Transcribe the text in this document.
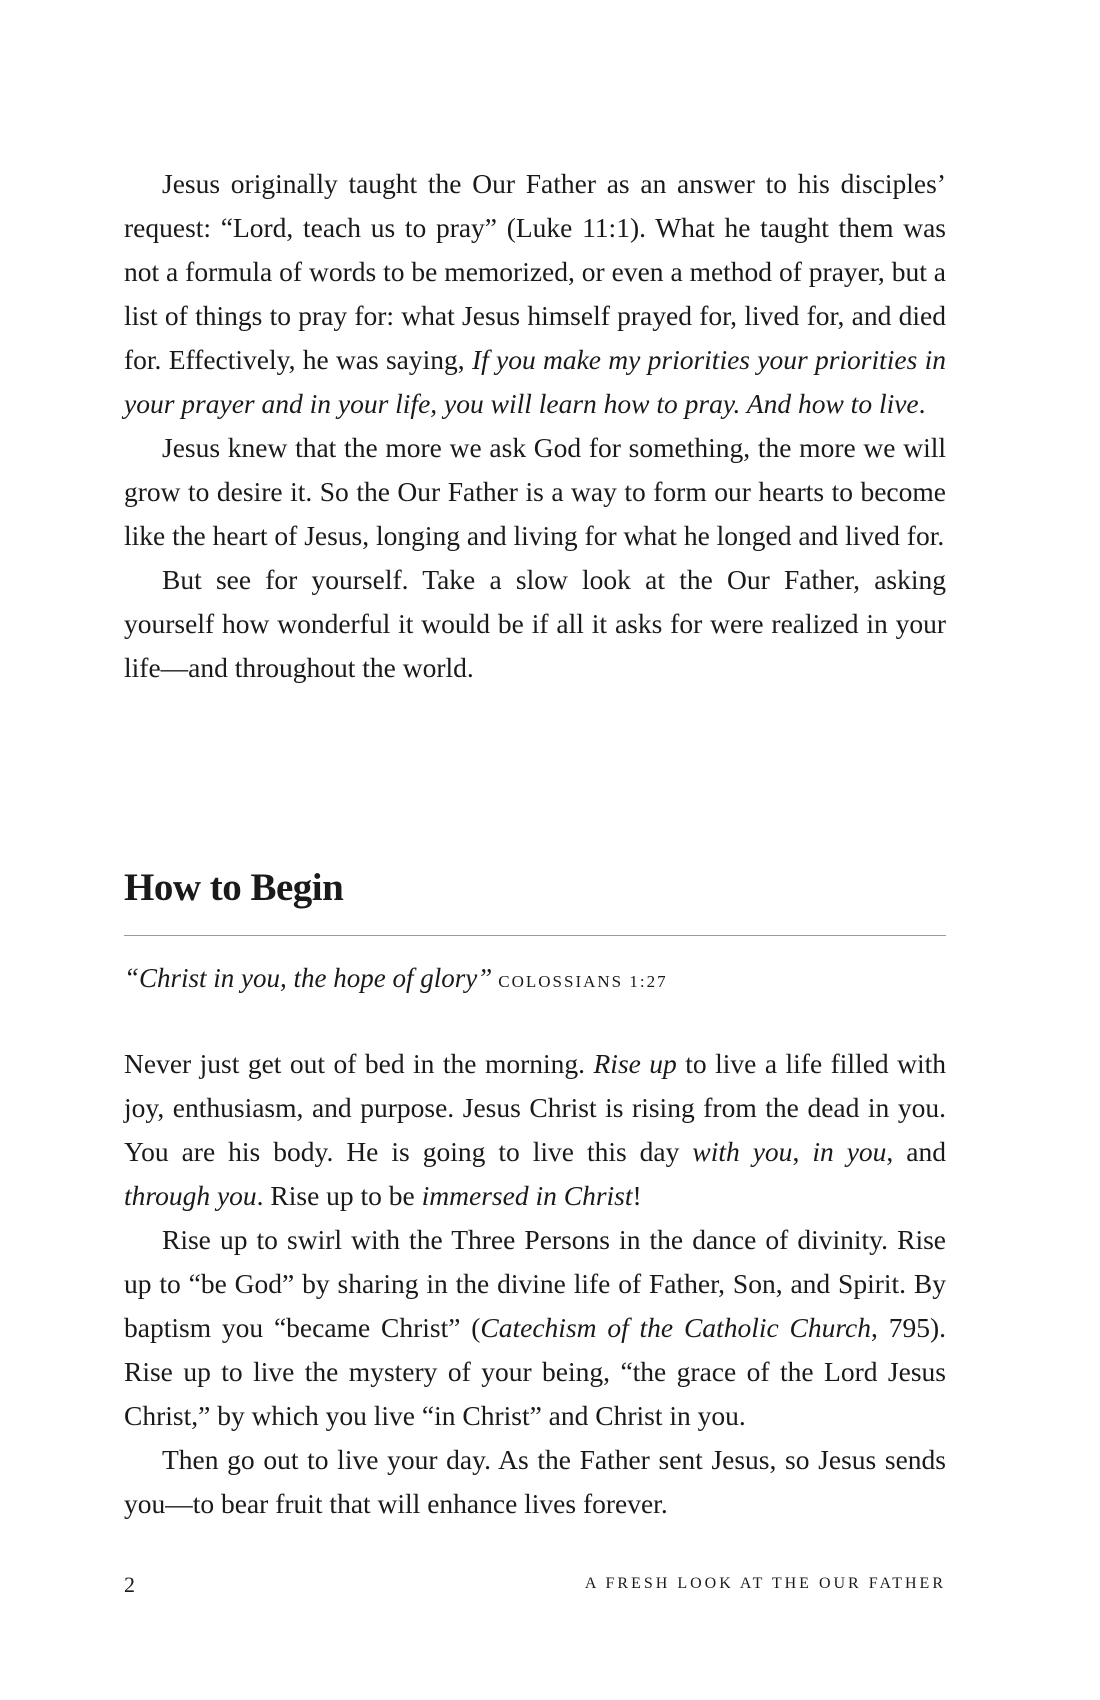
Jesus originally taught the Our Father as an answer to his disciples’ request: “Lord, teach us to pray” (Luke 11:1). What he taught them was not a formula of words to be memorized, or even a method of prayer, but a list of things to pray for: what Jesus himself prayed for, lived for, and died for. Effectively, he was saying, If you make my priorities your priorities in your prayer and in your life, you will learn how to pray. And how to live.

Jesus knew that the more we ask God for something, the more we will grow to desire it. So the Our Father is a way to form our hearts to become like the heart of Jesus, longing and living for what he longed and lived for.

But see for yourself. Take a slow look at the Our Father, asking yourself how wonderful it would be if all it asks for were realized in your life—and throughout the world.

How to Begin
“Christ in you, the hope of glory” COLOSSIANS 1:27

Never just get out of bed in the morning. Rise up to live a life filled with joy, enthusiasm, and purpose. Jesus Christ is rising from the dead in you. You are his body. He is going to live this day with you, in you, and through you. Rise up to be immersed in Christ!

Rise up to swirl with the Three Persons in the dance of divinity. Rise up to “be God” by sharing in the divine life of Father, Son, and Spirit. By baptism you “became Christ” (Catechism of the Catholic Church, 795). Rise up to live the mystery of your being, “the grace of the Lord Jesus Christ,” by which you live “in Christ” and Christ in you.

Then go out to live your day. As the Father sent Jesus, so Jesus sends you—to bear fruit that will enhance lives forever.

2	A FRESH LOOK AT THE OUR FATHER
